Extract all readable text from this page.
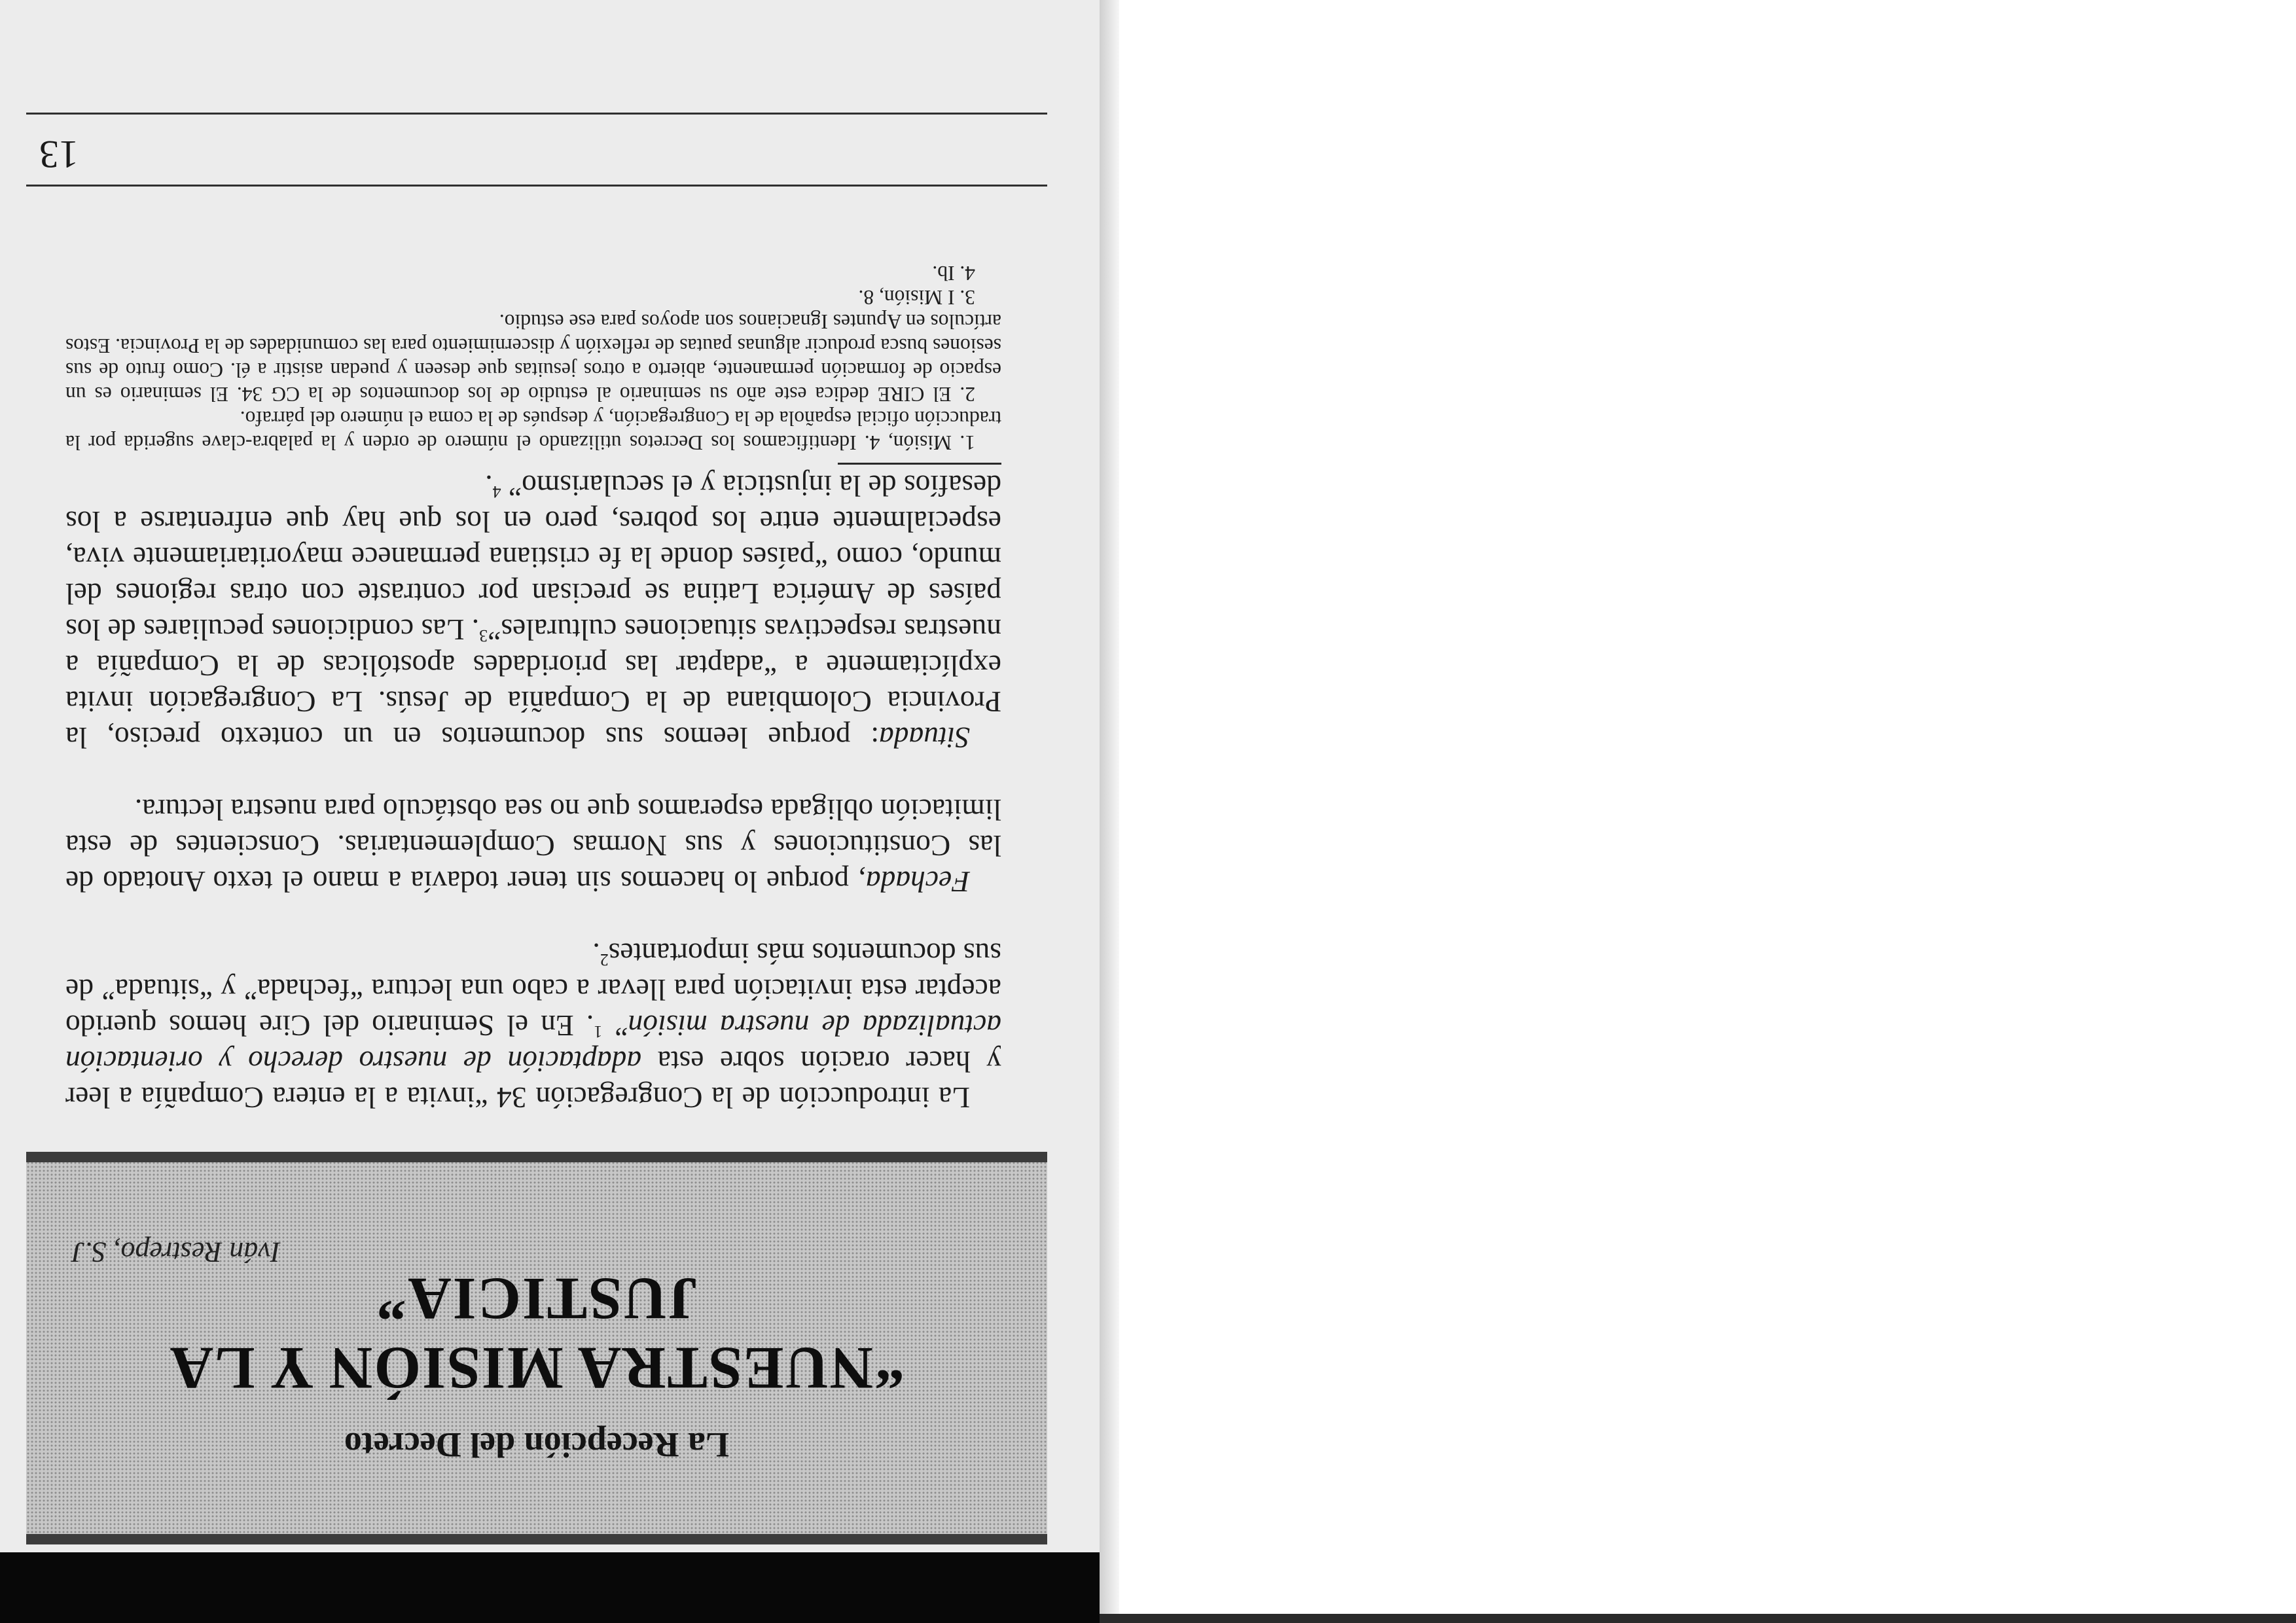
La Recepción del Decreto
“NUESTRA MISIÓN Y LA JUSTICIA”
Iván Restrepo, S.J

La introducción de la Congregación 34 “invita a la entera Compañía a leer y hacer oración sobre esta adaptación de nuestro derecho y orientación actualizada de nuestra misión” $^1$. En el Seminario del Cire hemos querido aceptar esta invitación para llevar a cabo una lectura “fechada” y “situada” de sus documentos más importantes$^2$.

Fechada, porque lo hacemos sin tener todavía a mano el texto Anotado de las Constituciones y sus Normas Complementarias. Conscientes de esta limitación obligada esperamos que no sea obstáculo para nuestra lectura.

Situada: porque leemos sus documentos en un contexto preciso, la Provincia Colombiana de la Compañía de Jesús. La Congregación invita explícitamente a “adaptar las prioridades apostólicas de la Compañía a nuestras respectivas situaciones culturales”$^3$. Las condiciones peculiares de los países de América Latina se precisan por contraste con otras regiones del mundo, como “países donde la fe cristiana permanece mayoritariamente viva, especialmente entre los pobres, pero en los que hay que enfrentarse a los desafíos de la injusticia y el secularismo” $^4$.

1. Misión, 4. Identificamos los Decretos utilizando el número de orden y la palabra-clave sugerida por la traducción oficial española de la Congregación, y después de la coma el número del párrafo.

2. El CIRE dedica este año su seminario al estudio de los documentos de la CG 34. El seminario es un espacio de formación permanente, abierto a otros jesuitas que deseen y puedan asistir a él. Como fruto de sus sesiones busca producir algunas pautas de reflexión y discernimiento para las comunidades de la Provincia. Estos artículos en Apuntes Ignacianos son apoyos para ese estudio.

3. I Misión, 8.

4. Ib.

13
